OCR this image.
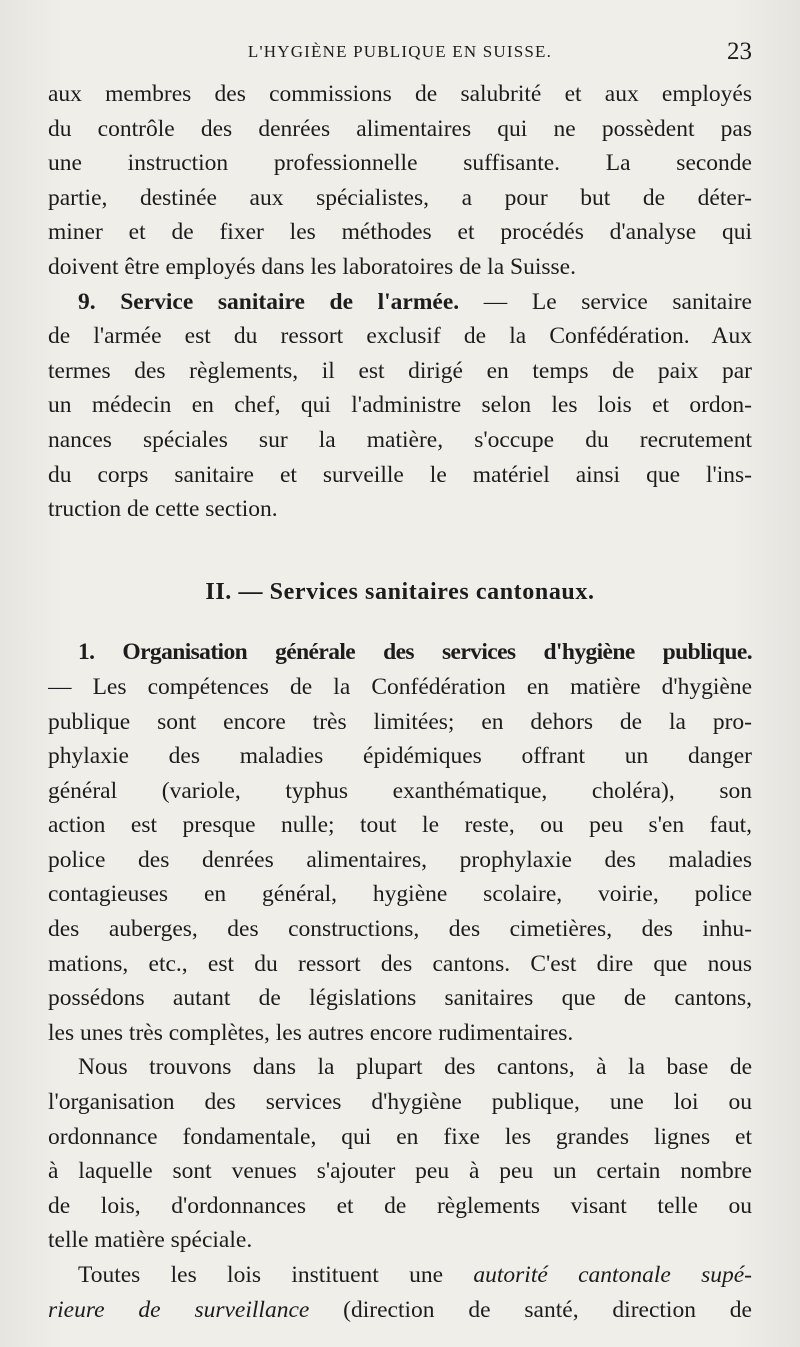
L'HYGIÈNE PUBLIQUE EN SUISSE.	23
aux membres des commissions de salubrité et aux employés
du contrôle des denrées alimentaires qui ne possèdent pas
une instruction professionnelle suffisante. La seconde
partie, destinée aux spécialistes, a pour but de déter-
miner et de fixer les méthodes et procédés d'analyse qui
doivent être employés dans les laboratoires de la Suisse.
9. Service sanitaire de l'armée. — Le service sanitaire
de l'armée est du ressort exclusif de la Confédération. Aux
termes des règlements, il est dirigé en temps de paix par
un médecin en chef, qui l'administre selon les lois et ordon-
nances spéciales sur la matière, s'occupe du recrutement
du corps sanitaire et surveille le matériel ainsi que l'ins-
truction de cette section.
II. — Services sanitaires cantonaux.
1. Organisation générale des services d'hygiène publique.
— Les compétences de la Confédération en matière d'hygiène
publique sont encore très limitées; en dehors de la pro-
phylaxie des maladies épidémiques offrant un danger
général (variole, typhus exanthématique, choléra), son
action est presque nulle; tout le reste, ou peu s'en faut,
police des denrées alimentaires, prophylaxie des maladies
contagieuses en général, hygiène scolaire, voirie, police
des auberges, des constructions, des cimetières, des inhu-
mations, etc., est du ressort des cantons. C'est dire que nous
possédons autant de législations sanitaires que de cantons,
les unes très complètes, les autres encore rudimentaires.
Nous trouvons dans la plupart des cantons, à la base de
l'organisation des services d'hygiène publique, une loi ou
ordonnance fondamentale, qui en fixe les grandes lignes et
à laquelle sont venues s'ajouter peu à peu un certain nombre
de lois, d'ordonnances et de règlements visant telle ou
telle matière spéciale.
Toutes les lois instituent une autorité cantonale supé-
rieure de surveillance (direction de santé, direction de
